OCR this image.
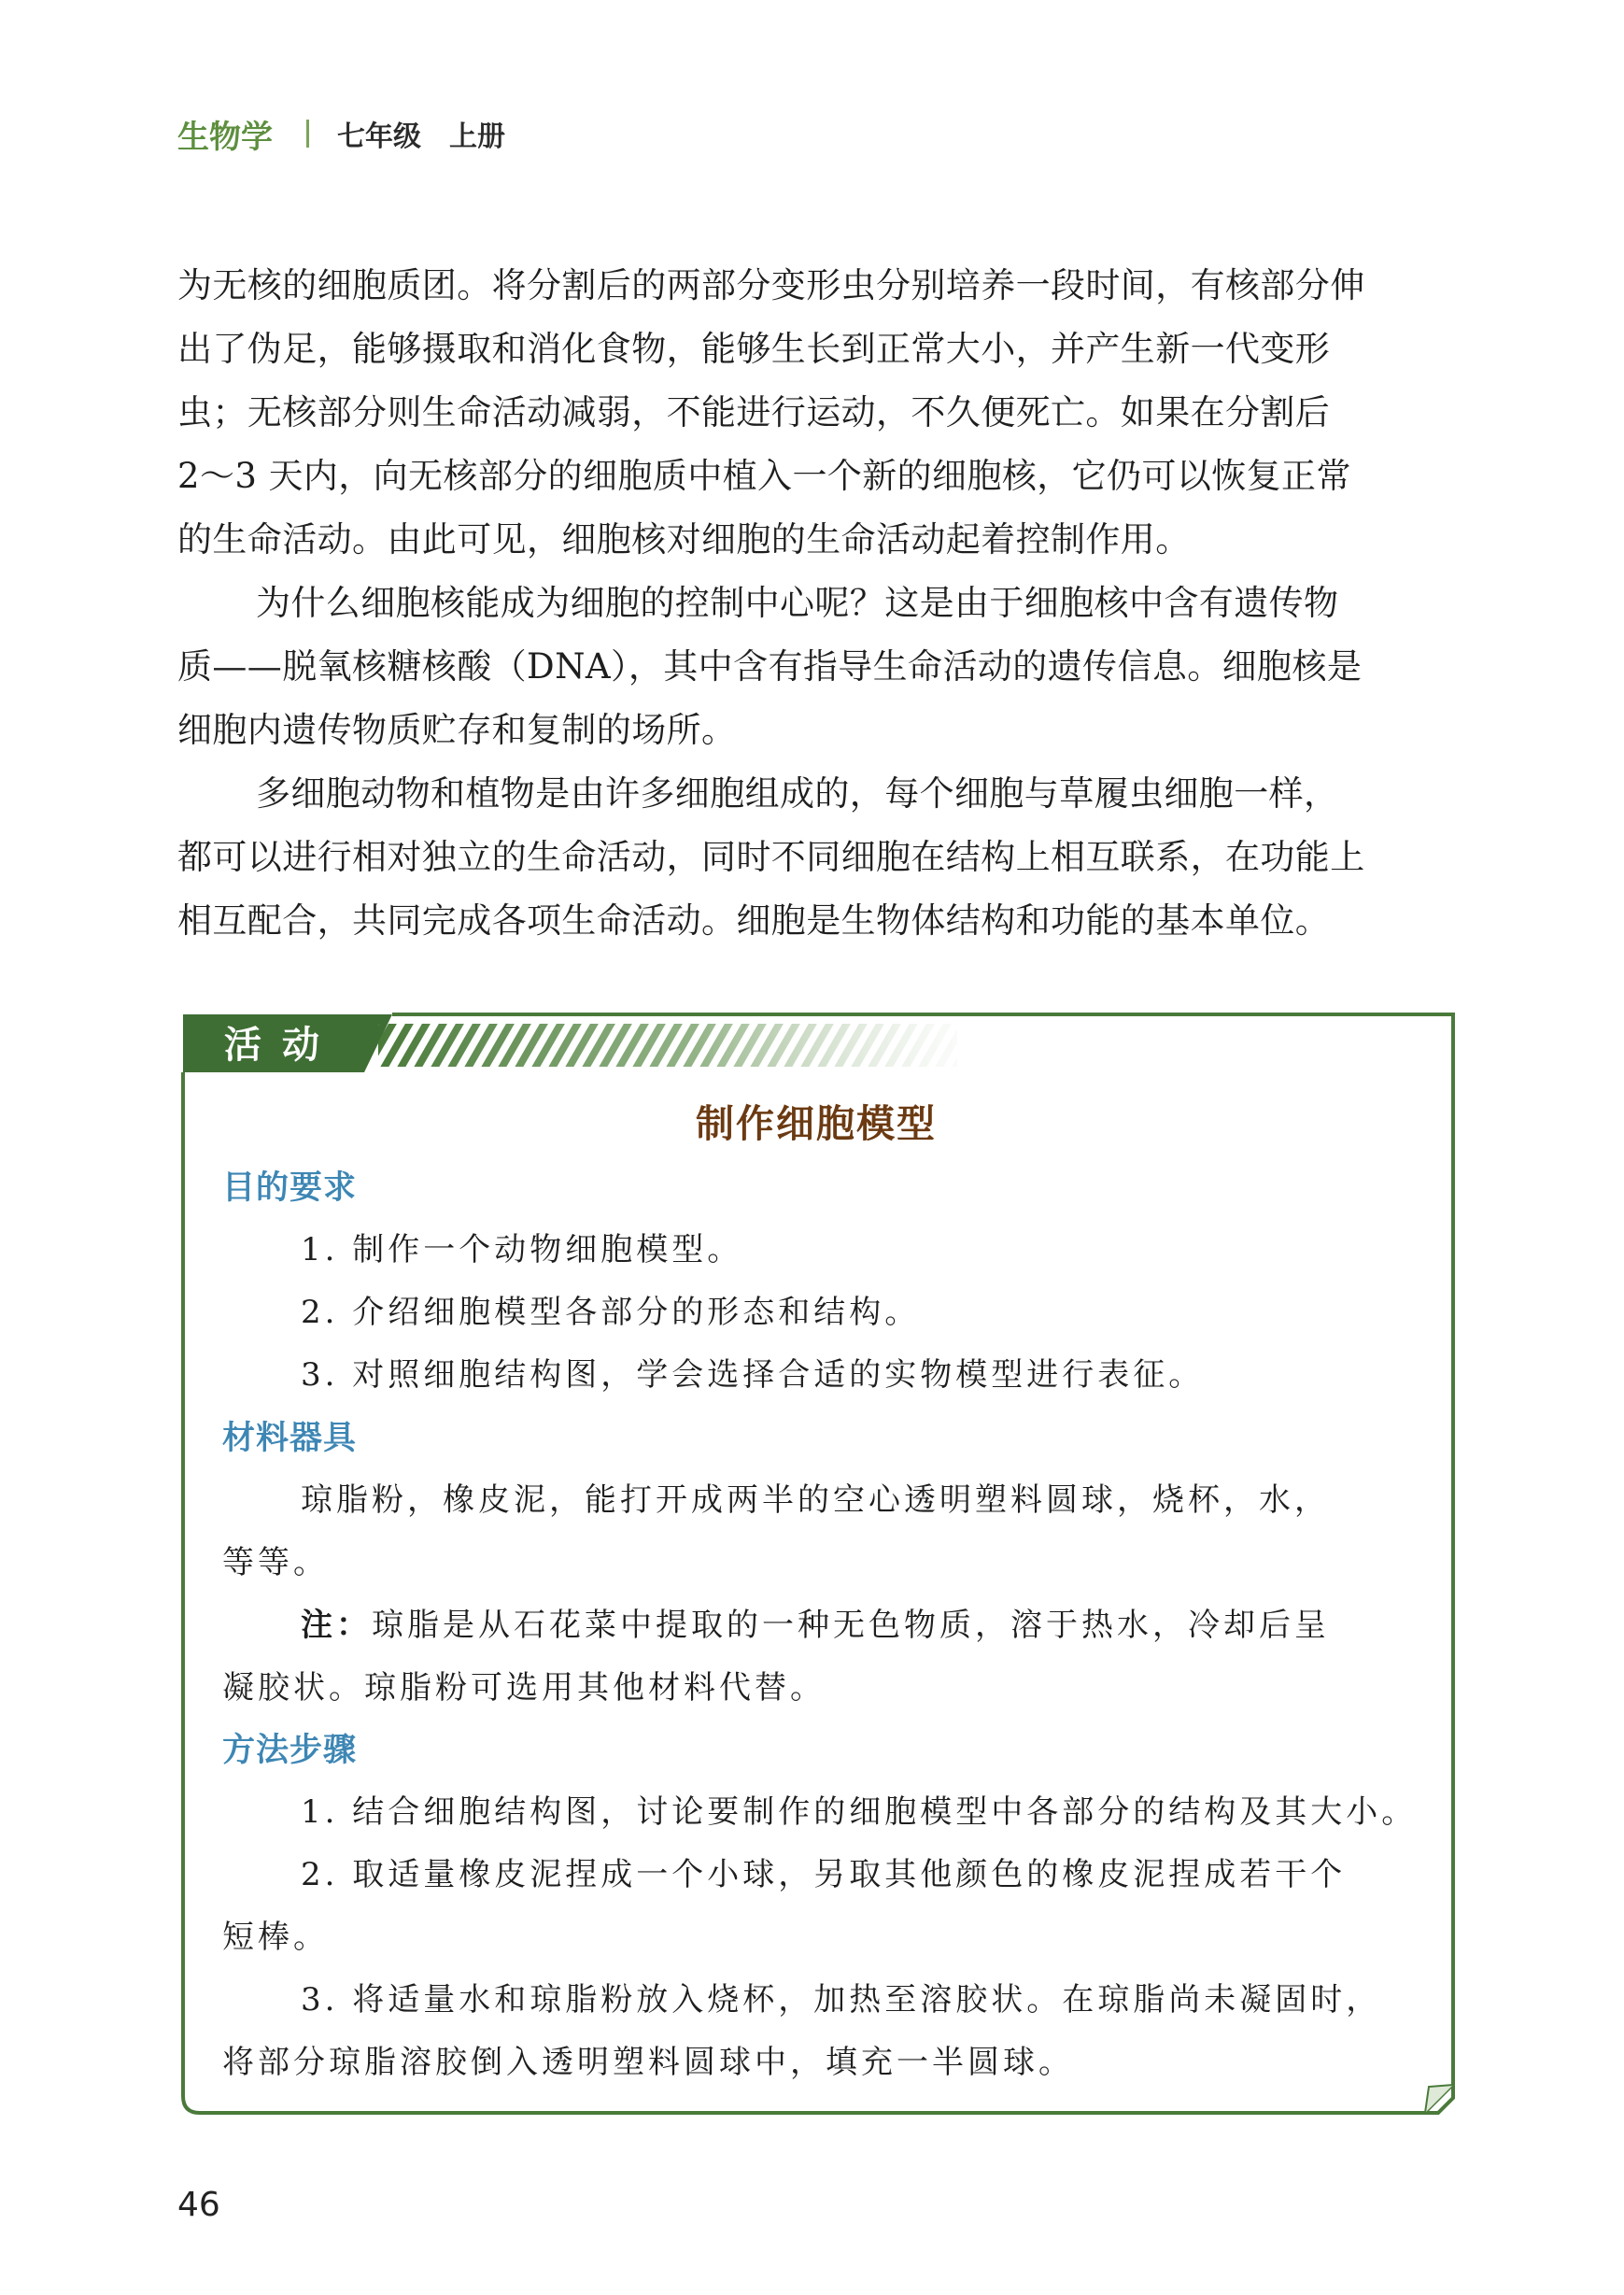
生物学 七年级 上册

为无核的细胞质团。将分割后的两部分变形虫分别培养一段时间，有核部分伸
出了伪足，能够摄取和消化食物，能够生长到正常大小，并产生新一代变形
虫；无核部分则生命活动减弱，不能进行运动，不久便死亡。如果在分割后
2～3 天内，向无核部分的细胞质中植入一个新的细胞核，它仍可以恢复正常
的生命活动。由此可见，细胞核对细胞的生命活动起着控制作用。

为什么细胞核能成为细胞的控制中心呢？这是由于细胞核中含有遗传物
质——脱氧核糖核酸（DNA），其中含有指导生命活动的遗传信息。细胞核是
细胞内遗传物质贮存和复制的场所。

多细胞动物和植物是由许多细胞组成的，每个细胞与草履虫细胞一样，
都可以进行相对独立的生命活动，同时不同细胞在结构上相互联系，在功能上
相互配合，共同完成各项生命活动。细胞是生物体结构和功能的基本单位。

活动
制作细胞模型
目的要求
1. 制作一个动物细胞模型。
2. 介绍细胞模型各部分的形态和结构。
3. 对照细胞结构图，学会选择合适的实物模型进行表征。
材料器具
琼脂粉，橡皮泥，能打开成两半的空心透明塑料圆球，烧杯，水，
等等。
注：琼脂是从石花菜中提取的一种无色物质，溶于热水，冷却后呈
凝胶状。琼脂粉可选用其他材料代替。
方法步骤
1. 结合细胞结构图，讨论要制作的细胞模型中各部分的结构及其大小。
2. 取适量橡皮泥捏成一个小球，另取其他颜色的橡皮泥捏成若干个
短棒。
3. 将适量水和琼脂粉放入烧杯，加热至溶胶状。在琼脂尚未凝固时，
将部分琼脂溶胶倒入透明塑料圆球中，填充一半圆球。
46
